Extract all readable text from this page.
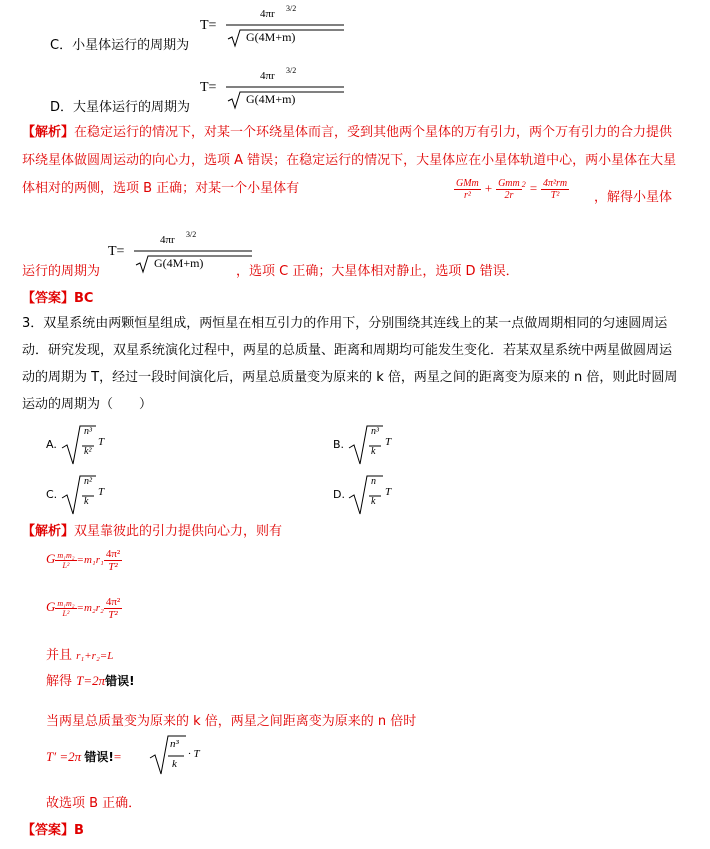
C．小星体运行的周期为
T=
4πr 3/2
G(4M+m)
D．大星体运行的周期为
T=
4πr 3/2
G(4M+m)
【解析】在稳定运行的情况下，对某一个环绕星体而言，受到其他两个星体的万有引力，两个万有引力的合力提供环绕星体做圆周运动的向心力，选项 A 错误；在稳定运行的情况下，大星体应在小星体轨道中心，两小星体在大星体相对的两侧，选项 B 正确；对某一个小星体有	$\frac{\text{GMm}}{\text{r²}} + \frac{\text{Gmm}}{2r} ^2 = \frac{\text{4π²rm}}{\text{T²}}$ ，解得小星体
运行的周期为
T=
4πr 3/2
G(4M+m)
，选项 C 正确；大星体相对静止，选项 D 错误．
【答案】BC
3．双星系统由两颗恒星组成，两恒星在相互引力的作用下，分别围绕其连线上的某一点做周期相同的匀速圆周运动．研究发现，双星系统演化过程中，两星的总质量、距离和周期均可能发生变化．若某双星系统中两星做圆周运动的周期为 T，经过一段时间演化后，两星总质量变为原来的 k 倍，两星之间的距离变为原来的 n 倍，则此时圆周运动的周期为（　　）
A.
n³
k²
T	B.
n³
k
T
C.
n²
k
T	D.
n
k
T
【解析】双星靠彼此的引力提供向心力，则有
G $\frac{\text{m₁m₂}}{\text{L²}} =m_1r_1 \frac{\text{4π²}}{\text{T²}}$
G $\frac{\text{m₁m₂}}{\text{L²}} =m_2r_2 \frac{\text{4π²}}{\text{T²}}$
并且 r₁+r₂=L
解得 T=2π错误!
当两星总质量变为原来的 k 倍，两星之间距离变为原来的 n 倍时
T′ =2π 错误!=
n³
k
· T
故选项 B 正确．
【答案】B
